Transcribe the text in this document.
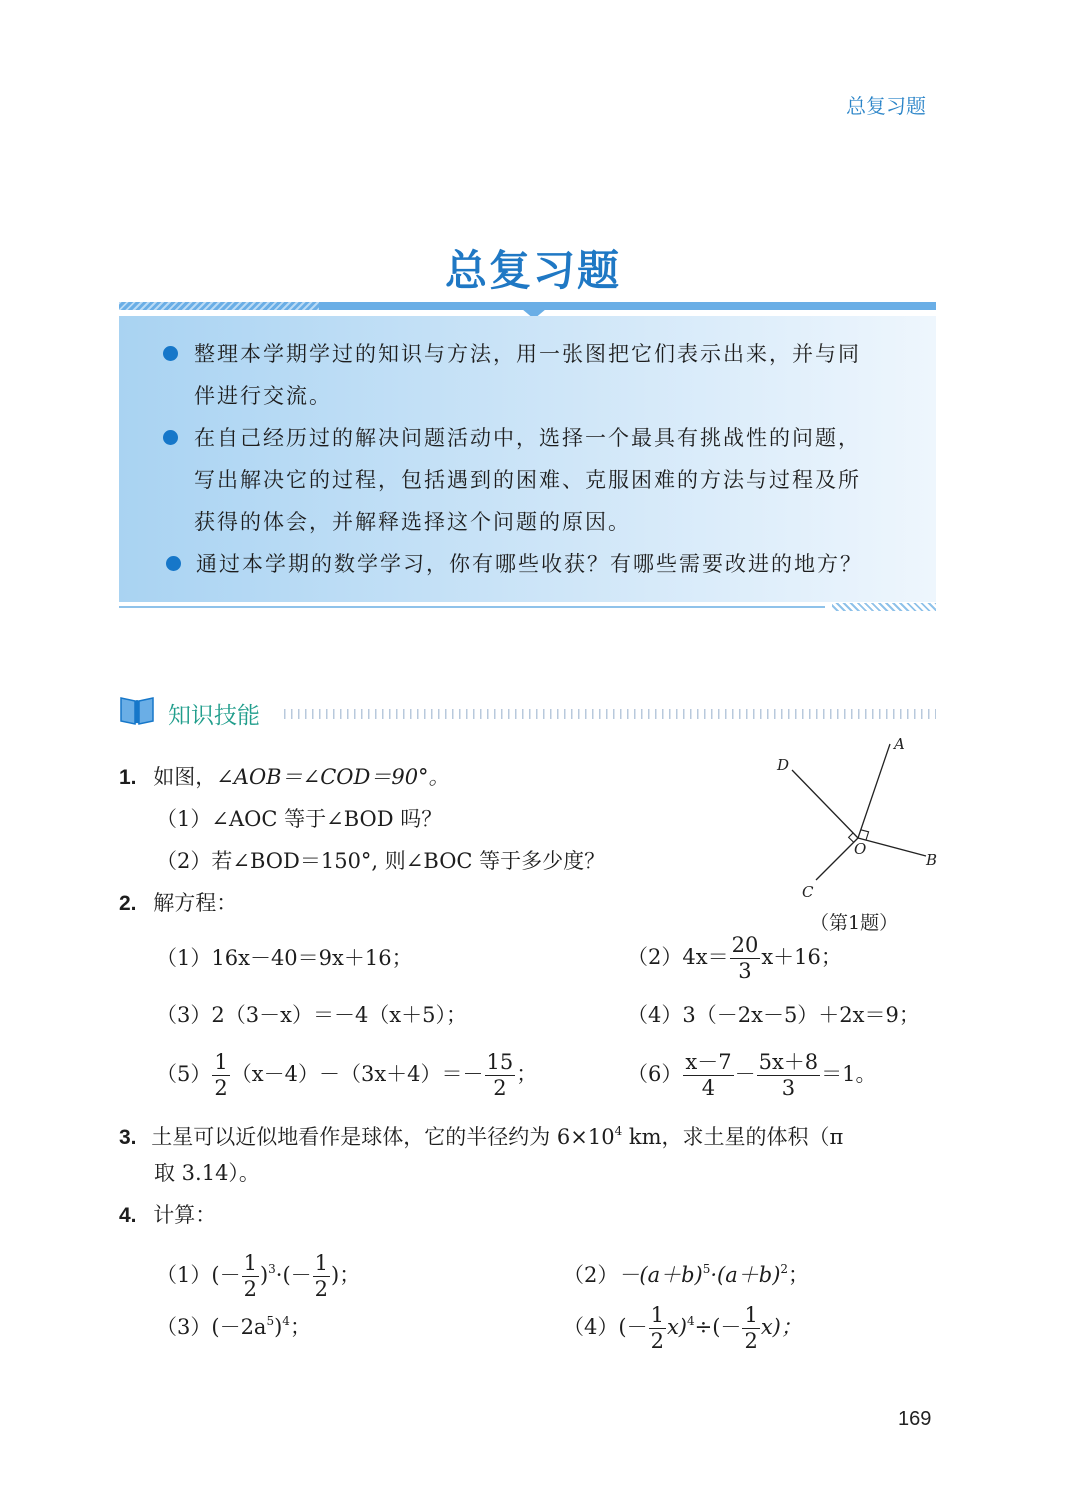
总复习题
总复习题
整理本学期学过的知识与方法，用一张图把它们表示出来，并与同
伴进行交流。
在自己经历过的解决问题活动中，选择一个最具有挑战性的问题，
写出解决它的过程，包括遇到的困难、克服困难的方法与过程及所
获得的体会，并解释选择这个问题的原因。
通过本学期的数学学习，你有哪些收获？有哪些需要改进的地方？
知识技能
A
B
C
D
O
（第1题）
1. 如图，∠AOB＝∠COD＝90°。
（1）∠AOC 等于∠BOD 吗？
（2）若∠BOD＝150°, 则∠BOC 等于多少度？
2. 解方程：
（1）16x－40＝9x＋16；	$(2)4x= \frac{20}{3} x+16$；
（3）2（3－x）＝－4（x＋5）；	（4）3（－2x－5）＋2x＝9；
$(5) \frac{1}{2} (x-4)-(3x+4)=- \frac{15}{2}$ ；	$(6) \frac{x-7}{4} - \frac{5x+8}{3} =1$。
3. 土星可以近似地看作是球体，它的半径约为 $6\times 10^4$ km，求土星的体积（π
取 3.14）。
4. 计算：
$(1)(- \frac{1}{2} )^3\cdot(- \frac{1}{2}$ )；	$(2)-(a+b)^5\cdot(a+b)^2$；
$(3)(-2a^5)^4$；	$(4)(- \frac{1}{2} x)^4\div(- \frac{1}{2} x)$；
169
